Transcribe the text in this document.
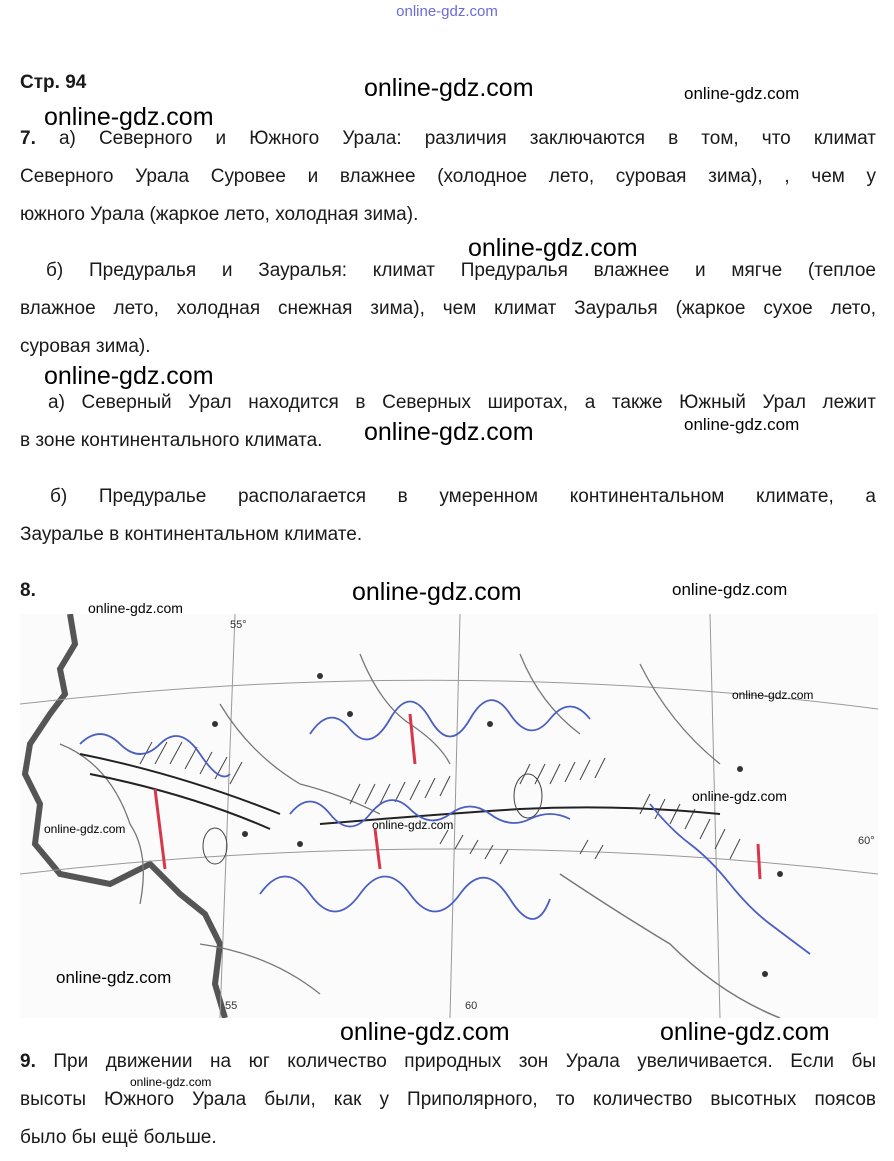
online-gdz.com
Стр. 94
7. а) Северного и Южного Урала: различия заключаются в том, что климат
Северного Урала Суровее и влажнее (холодное лето, суровая зима), , чем у
южного Урала (жаркое лето, холодная зима).
б) Предуралья и Зауралья: климат Предуралья влажнее и мягче (теплое
влажное лето, холодная снежная зима), чем климат Зауралья (жаркое сухое лето,
суровая зима).
а) Северный Урал находится в Северных широтах, а также Южный Урал лежит
в зоне континентального климата.
б) Предуралье располагается в умеренном континентальном климате, а
Зауралье в континентальном климате.
8.
55°
60
55
60°
9. При движении на юг количество природных зон Урала увеличивается. Если бы
высоты Южного Урала были, как у Приполярного, то количество высотных поясов
было бы ещё больше.
online-gdz.com	online-gdz.com
online-gdz.com
online-gdz.com
online-gdz.com
online-gdz.com	online-gdz.com
online-gdz.com	online-gdz.com
online-gdz.com
online-gdz.com
online-gdz.com
online-gdz.com
online-gdz.com
online-gdz.com
online-gdz.com	online-gdz.com
online-gdz.com
